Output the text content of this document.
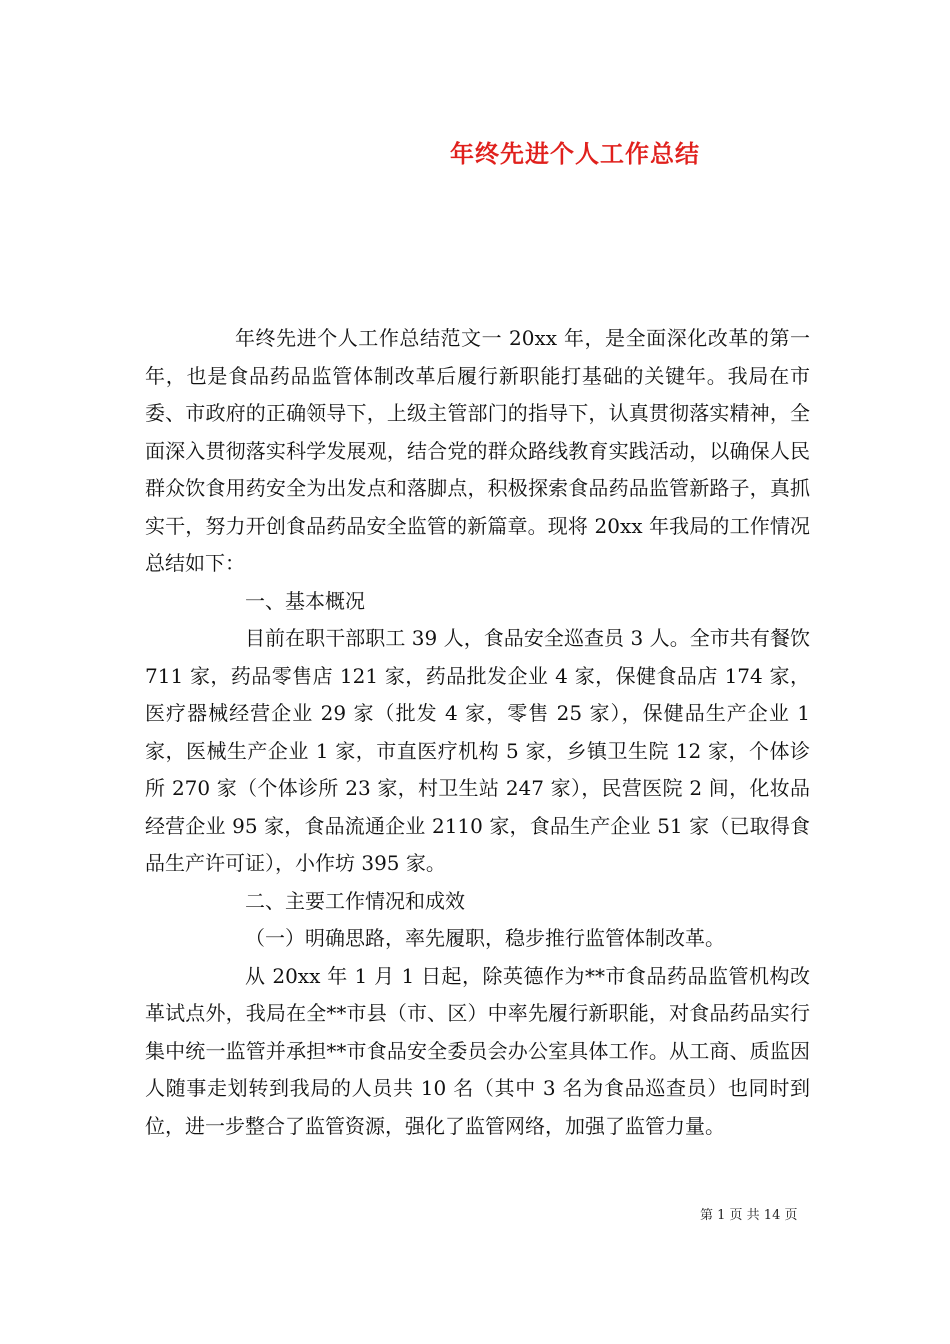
年终先进个人工作总结

年终先进个人工作总结范文一 20xx 年，是全面深化改革的第一年，也是食品药品监管体制改革后履行新职能打基础的关键年。我局在市委、市政府的正确领导下，上级主管部门的指导下，认真贯彻落实精神，全面深入贯彻落实科学发展观，结合党的群众路线教育实践活动，以确保人民群众饮食用药安全为出发点和落脚点，积极探索食品药品监管新路子，真抓实干，努力开创食品药品安全监管的新篇章。现将 20xx 年我局的工作情况总结如下：

一、基本概况

目前在职干部职工 39 人，食品安全巡查员 3 人。全市共有餐饮 711 家，药品零售店 121 家，药品批发企业 4 家，保健食品店 174 家，医疗器械经营企业 29 家（批发 4 家，零售 25 家），保健品生产企业 1 家，医械生产企业 1 家，市直医疗机构 5 家，乡镇卫生院 12 家，个体诊所 270 家（个体诊所 23 家，村卫生站 247 家），民营医院 2 间，化妆品经营企业 95 家，食品流通企业 2110 家，食品生产企业 51 家（已取得食品生产许可证），小作坊 395 家。

二、主要工作情况和成效

（一）明确思路，率先履职，稳步推行监管体制改革。

从 20xx 年 1 月 1 日起，除英德作为**市食品药品监管机构改革试点外，我局在全**市县（市、区）中率先履行新职能，对食品药品实行集中统一监管并承担**市食品安全委员会办公室具体工作。从工商、质监因人随事走划转到我局的人员共 10 名（其中 3 名为食品巡查员）也同时到位，进一步整合了监管资源，强化了监管网络，加强了监管力量。

第 1 页 共 14 页
